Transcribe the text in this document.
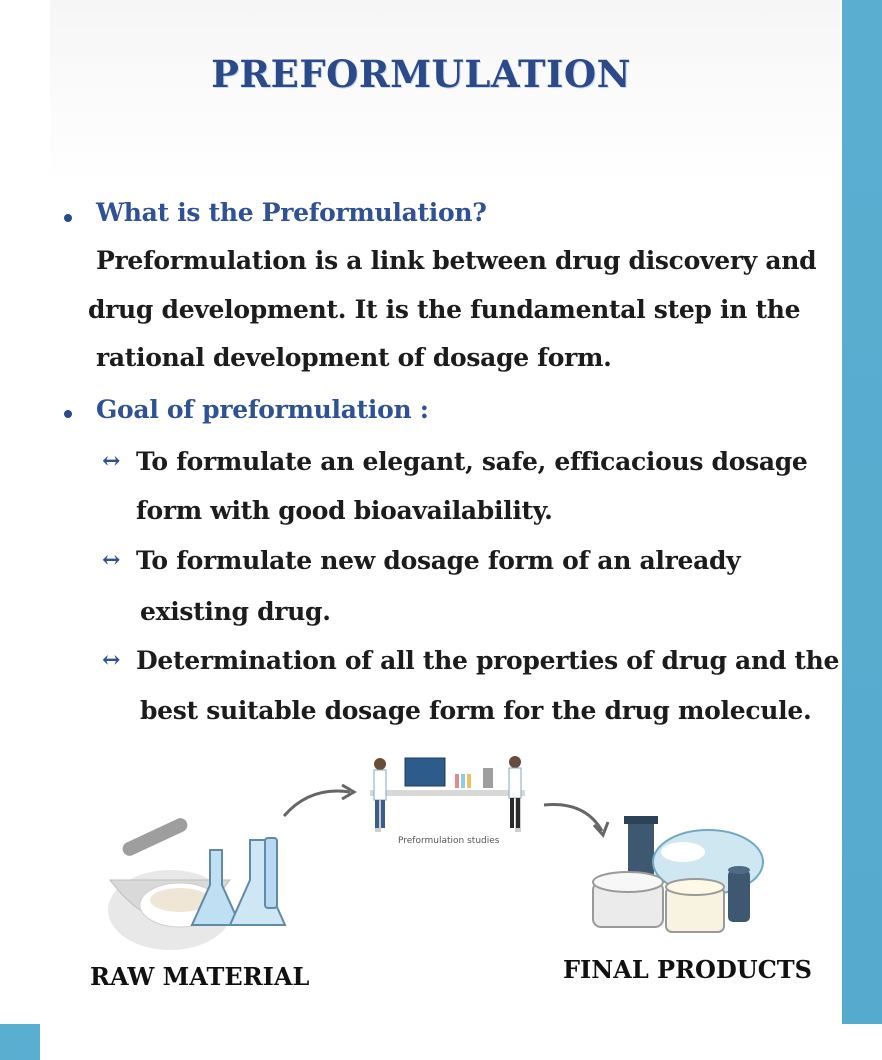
PREFORMULATION
What is the Preformulation?
Preformulation is a link between drug discovery and
drug development. It is the fundamental step in the
rational development of dosage form.
Goal of preformulation :
↔ To formulate an elegant, safe, efficacious dosage
form with good bioavailability.
↔ To formulate new dosage form of an already
existing drug.
↔ Determination of all the properties of drug and the
best suitable dosage form for the drug molecule.
Preformulation studies
RAW MATERIAL	FINAL PRODUCTS
